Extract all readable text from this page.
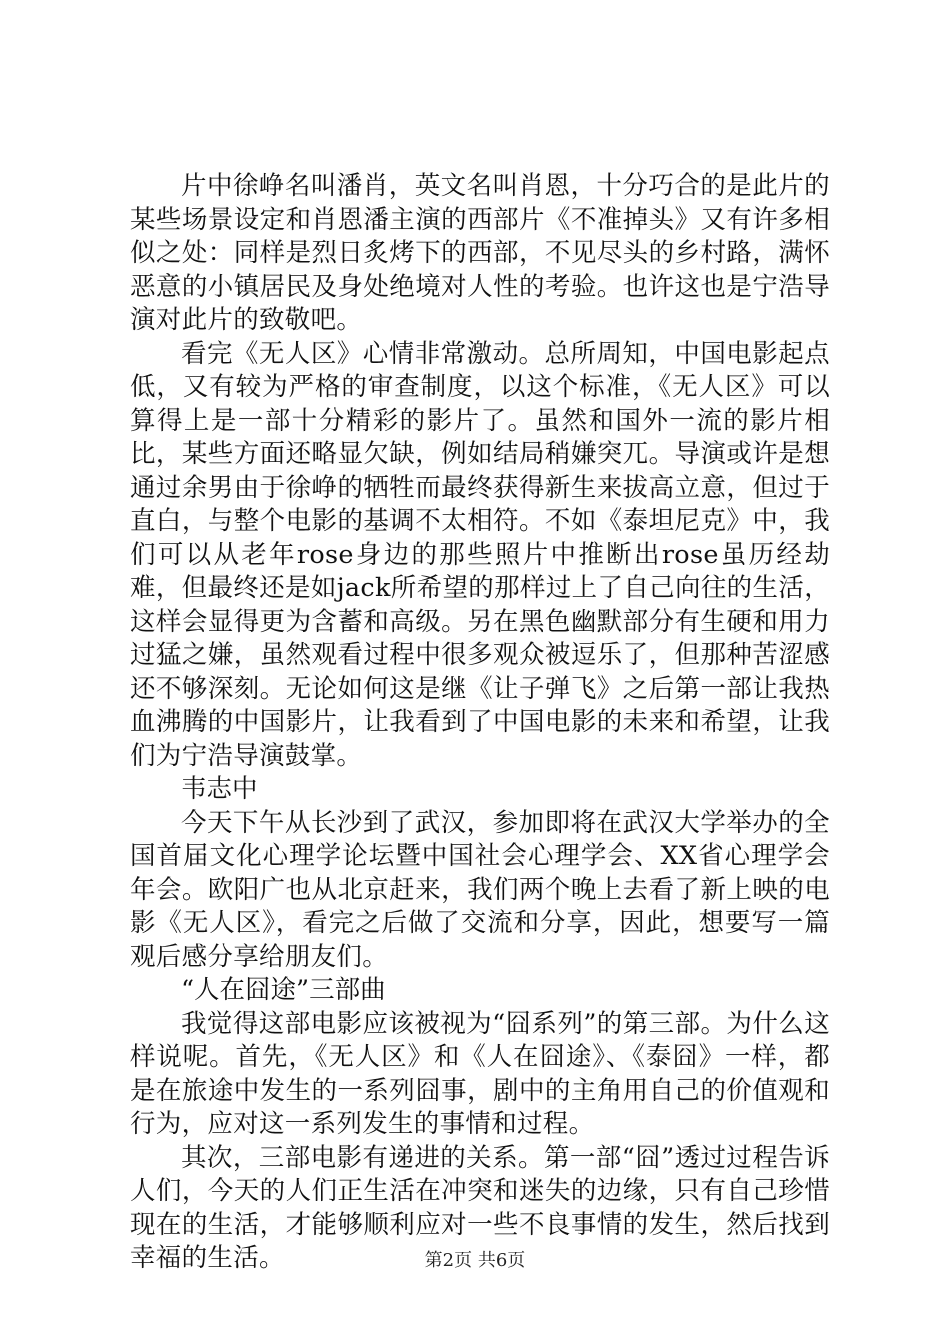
片中徐峥名叫潘肖，英文名叫肖恩，十分巧合的是此片的某些场景设定和肖恩潘主演的西部片《不准掉头》又有许多相似之处：同样是烈日炙烤下的西部，不见尽头的乡村路，满怀恶意的小镇居民及身处绝境对人性的考验。也许这也是宁浩导演对此片的致敬吧。

看完《无人区》心情非常激动。总所周知，中国电影起点低，又有较为严格的审查制度，以这个标准，《无人区》可以算得上是一部十分精彩的影片了。虽然和国外一流的影片相比，某些方面还略显欠缺，例如结局稍嫌突兀。导演或许是想通过余男由于徐峥的牺牲而最终获得新生来拔高立意，但过于直白，与整个电影的基调不太相符。不如《泰坦尼克》中，我们可以从老年rose身边的那些照片中推断出rose虽历经劫难，但最终还是如jack所希望的那样过上了自己向往的生活，这样会显得更为含蓄和高级。另在黑色幽默部分有生硬和用力过猛之嫌，虽然观看过程中很多观众被逗乐了，但那种苦涩感还不够深刻。无论如何这是继《让子弹飞》之后第一部让我热血沸腾的中国影片，让我看到了中国电影的未来和希望，让我们为宁浩导演鼓掌。

韦志中

今天下午从长沙到了武汉，参加即将在武汉大学举办的全国首届文化心理学论坛暨中国社会心理学会、XX省心理学会年会。欧阳广也从北京赶来，我们两个晚上去看了新上映的电影《无人区》，看完之后做了交流和分享，因此，想要写一篇观后感分享给朋友们。

“人在囧途”三部曲

我觉得这部电影应该被视为“囧系列”的第三部。为什么这样说呢。首先，《无人区》和《人在囧途》、《泰囧》一样，都是在旅途中发生的一系列囧事，剧中的主角用自己的价值观和行为，应对这一系列发生的事情和过程。

其次，三部电影有递进的关系。第一部“囧”透过过程告诉人们，今天的人们正生活在冲突和迷失的边缘，只有自己珍惜现在的生活，才能够顺利应对一些不良事情的发生，然后找到幸福的生活。	第2页 共6页
